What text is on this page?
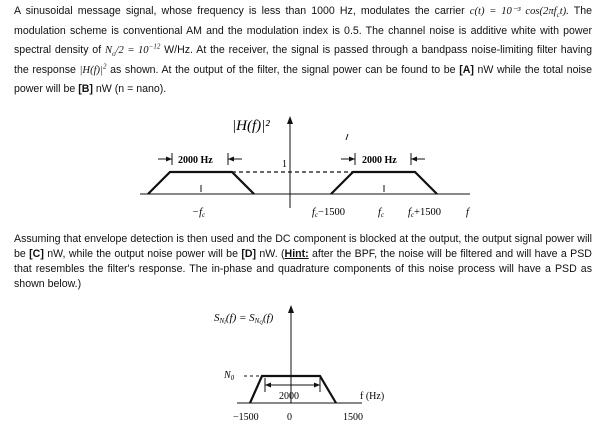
A sinusoidal message signal, whose frequency is less than 1000 Hz, modulates the carrier c(t) = 10⁻³ $\cos(2\pi f_ct)$. The modulation scheme is conventional AM and the modulation index is 0.5. The channel noise is additive white with power spectral density of $N_o/2 = 10^{-12}$ W/Hz. At the receiver, the signal is passed through a bandpass noise-limiting filter having the response $|H(f)|^2$ as shown. At the output of the filter, the signal power can be found to be [A] nW while the total noise power will be [B] nW (n = nano).
|H(f)|²
1
2000 Hz	2000 Hz
−fc	fc−1500	fc fc+1500 f
Assuming that envelope detection is then used and the DC component is blocked at the output, the output signal power will be [C] nW, while the output noise power will be [D] nW. (Hint: after the BPF, the noise will be filtered and will have a PSD that resembles the filter's response. The in-phase and quadrature components of this noise process will have a PSD as shown below.)
SNI(f) = SNQ(f)
$N_0$
2000
−1500	0	1500
f (Hz)
